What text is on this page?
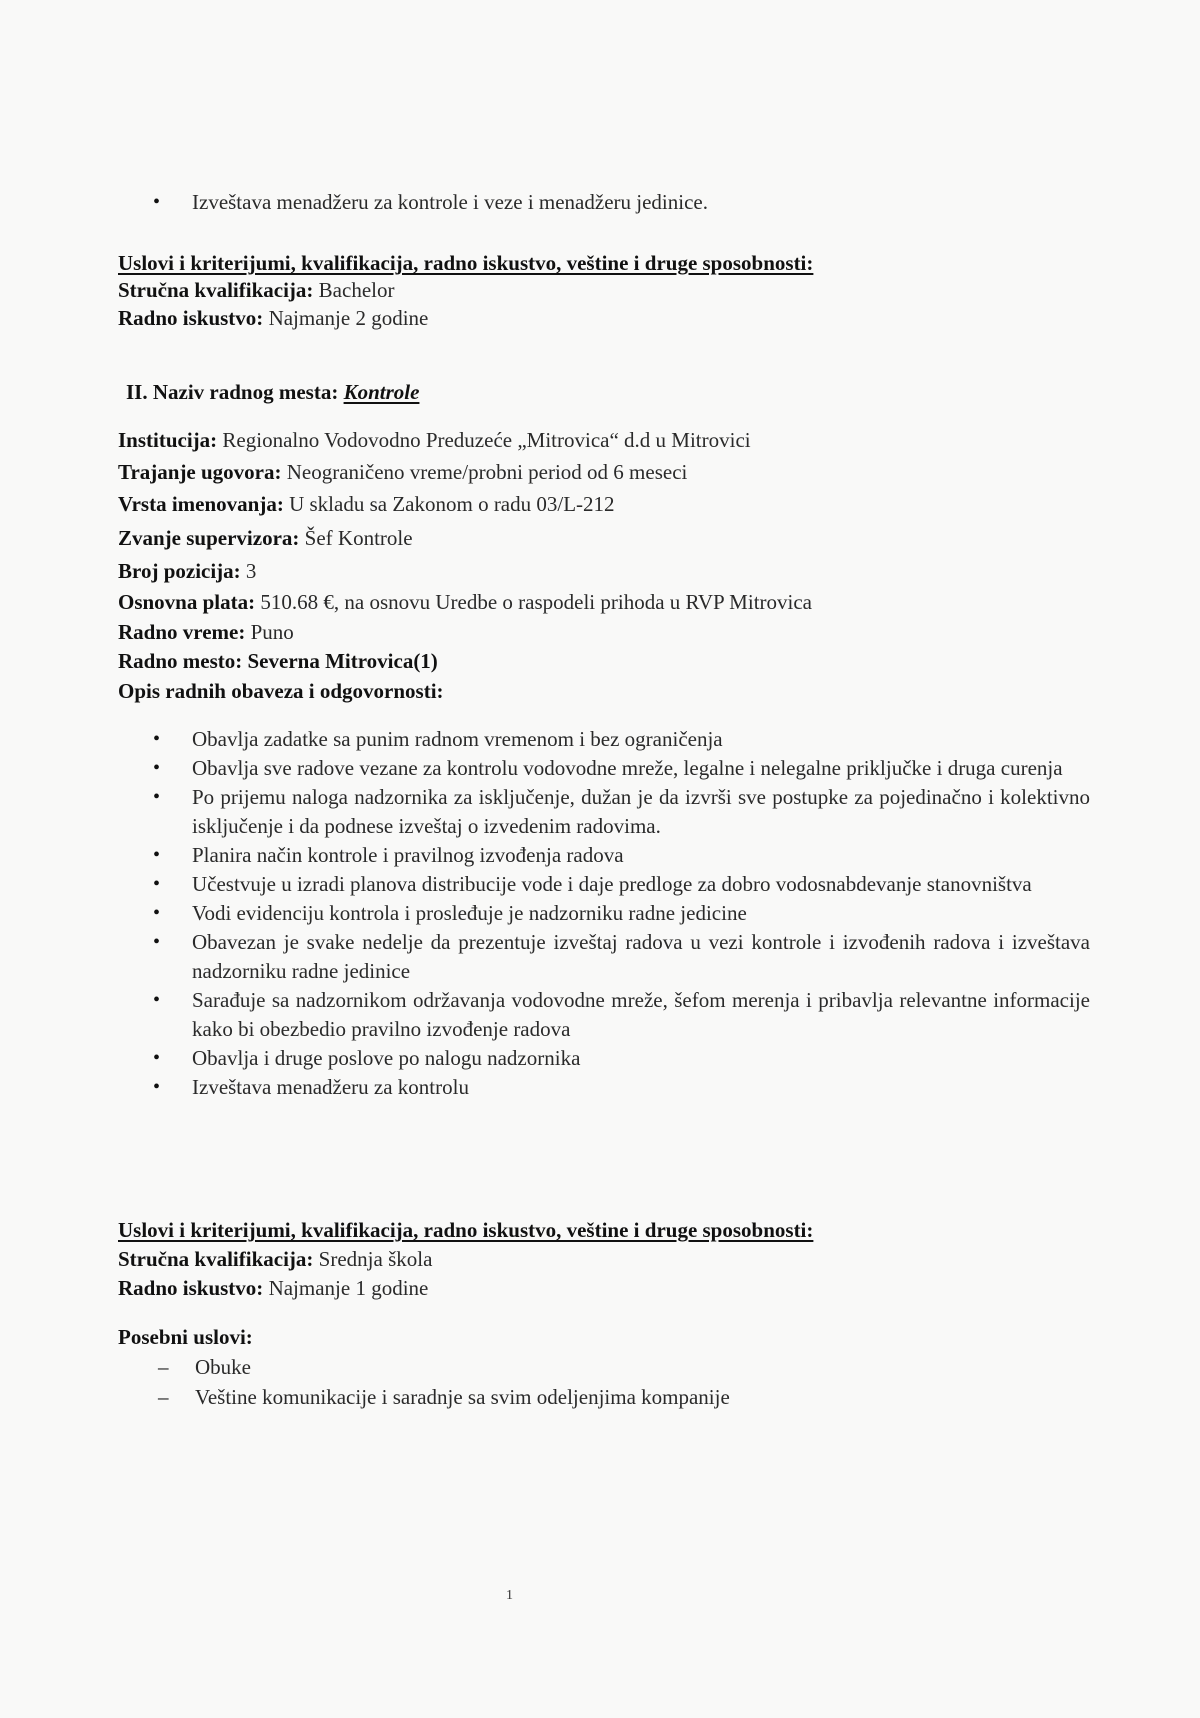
• Izveštava menadžeru za kontrole i veze i menadžeru jedinice.
Uslovi i kriterijumi, kvalifikacija, radno iskustvo, veštine i druge sposobnosti:
Stručna kvalifikacija: Bachelor
Radno iskustvo: Najmanje 2 godine
II. Naziv radnog mesta: Kontrole
Institucija: Regionalno Vodovodno Preduzeće „Mitrovica“ d.d u Mitrovici
Trajanje ugovora: Neograničeno vreme/probni period od 6 meseci
Vrsta imenovanja: U skladu sa Zakonom o radu 03/L-212
Zvanje supervizora: Šef Kontrole
Broj pozicija: 3
Osnovna plata: 510.68 €, na osnovu Uredbe o raspodeli prihoda u RVP Mitrovica
Radno vreme: Puno
Radno mesto: Severna Mitrovica(1)
Opis radnih obaveza i odgovornosti:
• Obavlja zadatke sa punim radnom vremenom i bez ograničenja
• Obavlja sve radove vezane za kontrolu vodovodne mreže, legalne i nelegalne priključke i druga curenja
• Po prijemu naloga nadzornika za isključenje, dužan je da izvrši sve postupke za pojedinačno i kolektivno isključenje i da podnese izveštaj o izvedenim radovima.
• Planira način kontrole i pravilnog izvođenja radova
• Učestvuje u izradi planova distribucije vode i daje predloge za dobro vodosnabdevanje stanovništva
• Vodi evidenciju kontrola i prosleđuje je nadzorniku radne jedicine
• Obavezan je svake nedelje da prezentuje izveštaj radova u vezi kontrole i izvođenih radova i izveštava nadzorniku radne jedinice
• Sarađuje sa nadzornikom održavanja vodovodne mreže, šefom merenja i pribavlja relevantne informacije kako bi obezbedio pravilno izvođenje radova
• Obavlja i druge poslove po nalogu nadzornika
• Izveštava menadžeru za kontrolu
Uslovi i kriterijumi, kvalifikacija, radno iskustvo, veštine i druge sposobnosti:
Stručna kvalifikacija: Srednja škola
Radno iskustvo: Najmanje 1 godine
Posebni uslovi:
– Obuke
– Veštine komunikacije i saradnje sa svim odeljenjima kompanije
1
